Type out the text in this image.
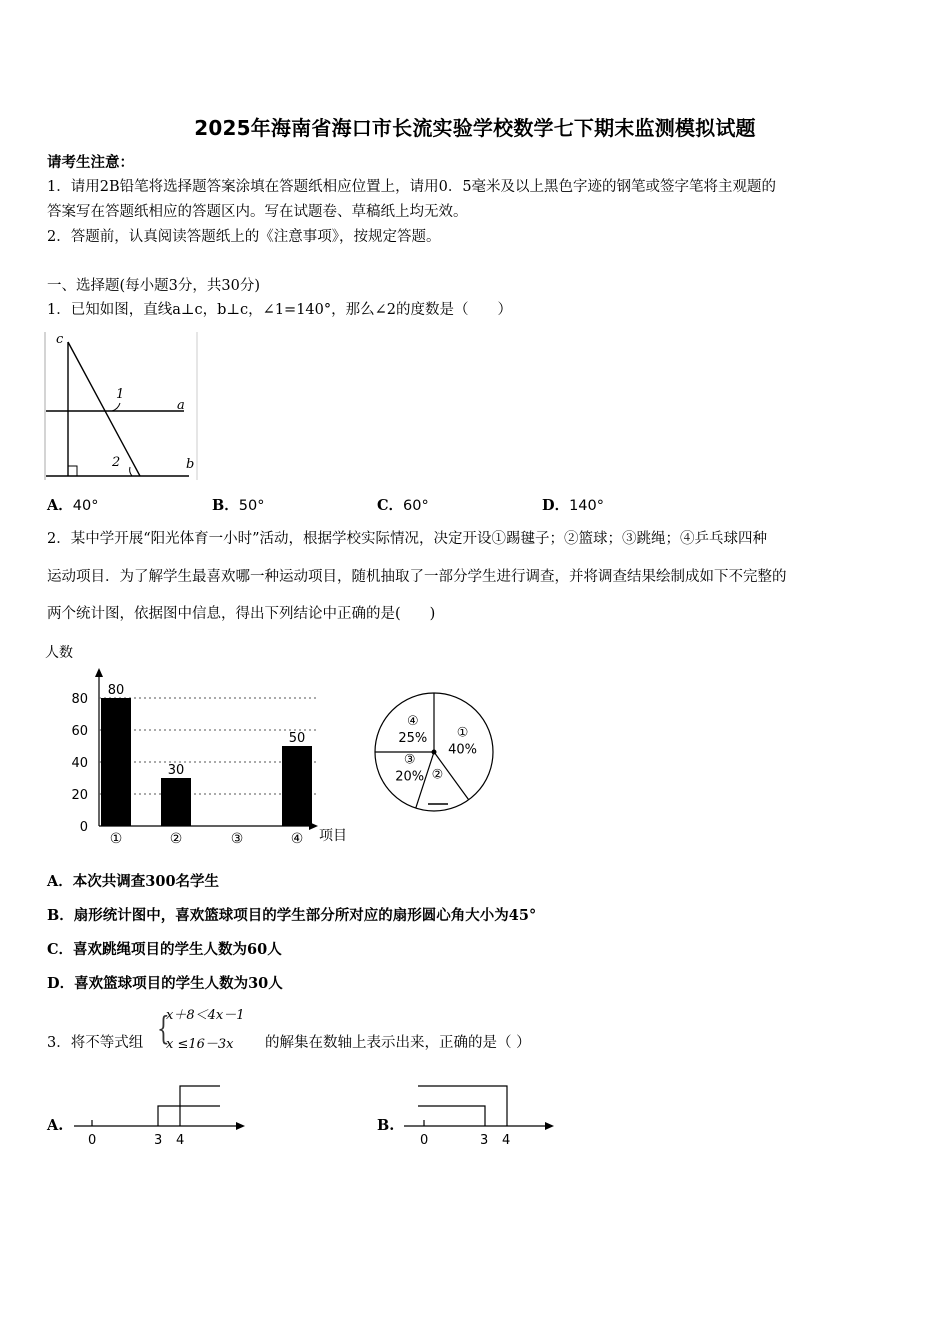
2025年海南省海口市长流实验学校数学七下期末监测模拟试题
请考生注意：
1．请用2B铅笔将选择题答案涂填在答题纸相应位置上，请用0．5毫米及以上黑色字迹的钢笔或签字笔将主观题的
答案写在答题纸相应的答题区内。写在试题卷、草稿纸上均无效。
2．答题前，认真阅读答题纸上的《注意事项》，按规定答题。
一、选择题(每小题3分，共30分)
1．已知如图，直线a⊥c，b⊥c，∠1=140°，那么∠2的度数是（　　）
c
1
a
2	b
A．40°	B．50°	C．60°	D．140°
2．某中学开展“阳光体育一小时”活动，根据学校实际情况，决定开设①踢毽子；②篮球；③跳绳；④乒乓球四种
运动项目．为了解学生最喜欢哪一种运动项目，随机抽取了一部分学生进行调查，并将调查结果绘制成如下不完整的
两个统计图，依据图中信息，得出下列结论中正确的是(　　)
人数
0
20
40
60
80
80
30
50
①	②	③	④ 项目
①
40%
②
③
20%
④
25%
A．本次共调查300名学生
B．扇形统计图中，喜欢篮球项目的学生部分所对应的扇形圆心角大小为45°
C．喜欢跳绳项目的学生人数为60人
D．喜欢篮球项目的学生人数为30人
3．将不等式组 {
x＋8＜4x－1
x ≤16－3x 的解集在数轴上表示出来，正确的是（ ）
A.
0	3 4
B.
0	3 4
